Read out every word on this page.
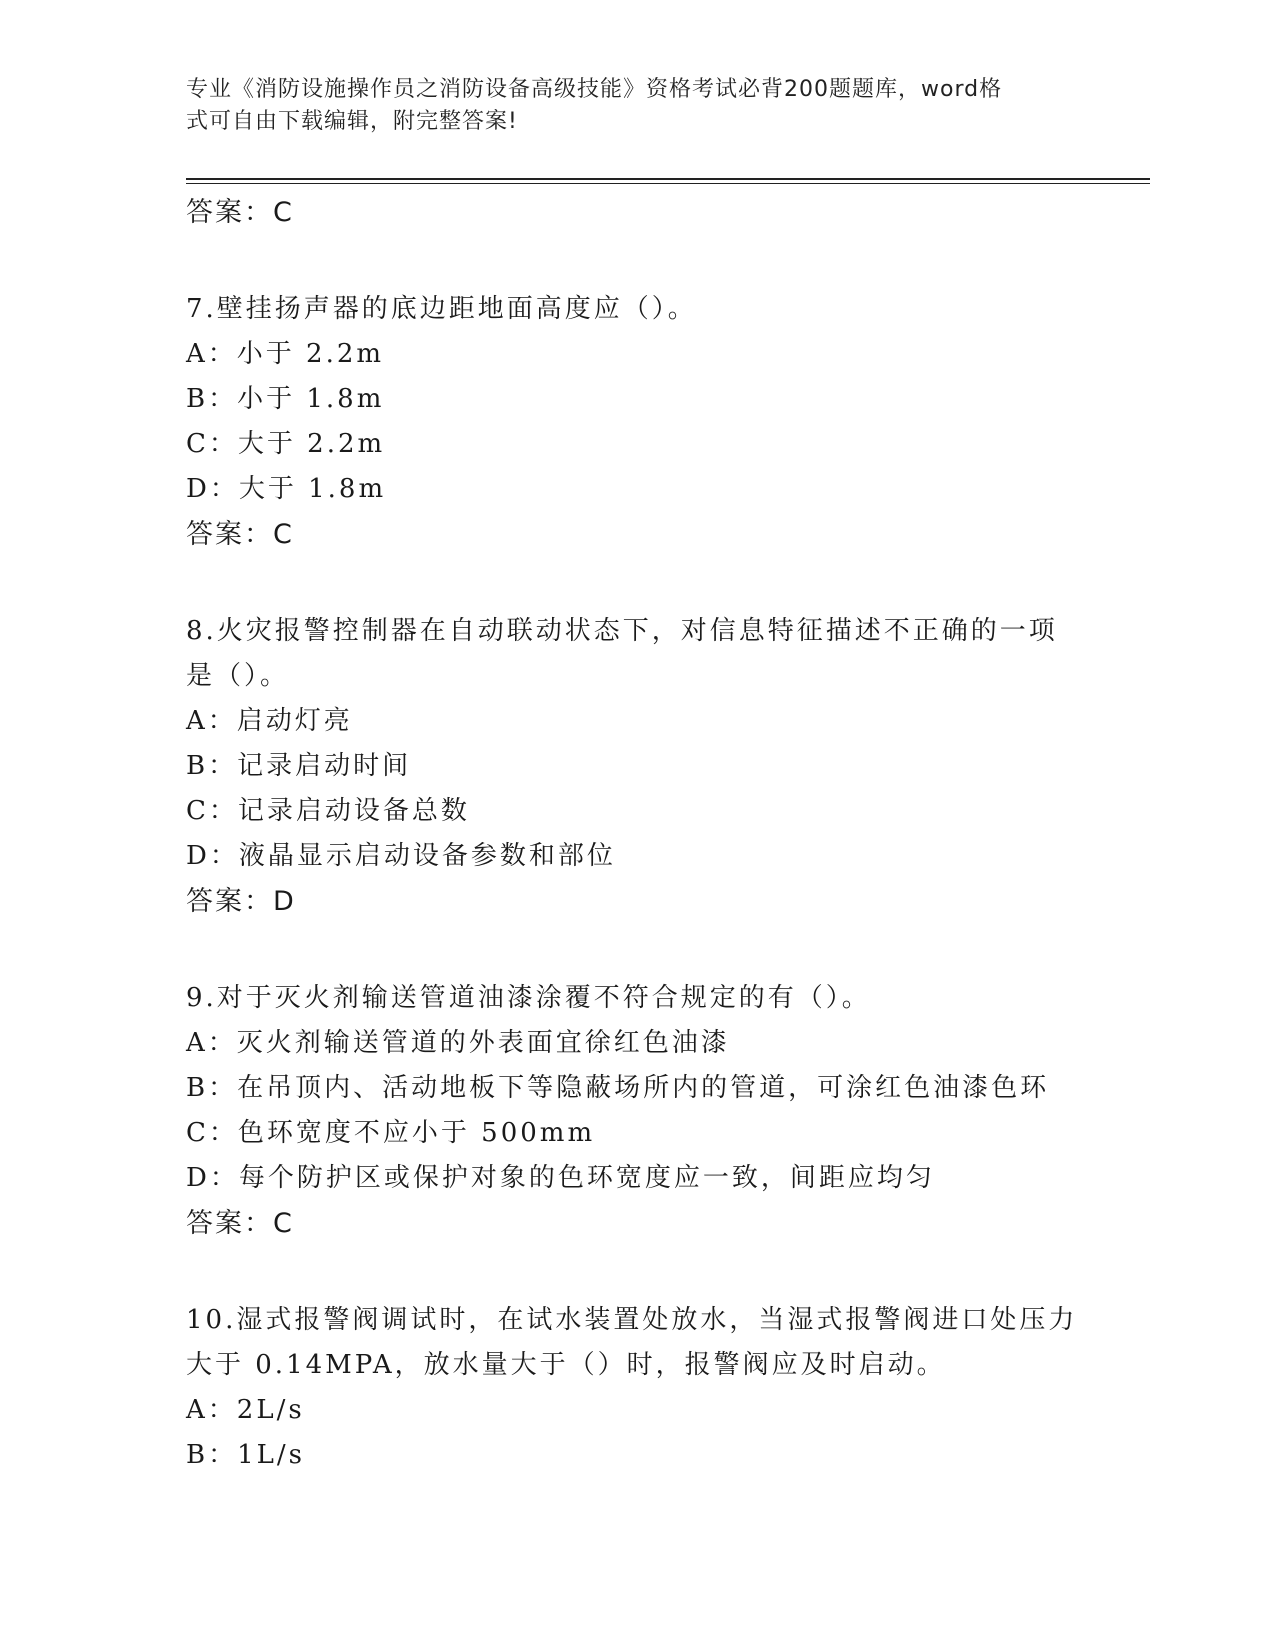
专业《消防设施操作员之消防设备高级技能》资格考试必背200题题库，word格
式可自由下载编辑，附完整答案!
答案：C
7.壁挂扬声器的底边距地面高度应（）。
A：小于 2.2m
B：小于 1.8m
C：大于 2.2m
D：大于 1.8m
答案：C
8.火灾报警控制器在自动联动状态下，对信息特征描述不正确的一项
是（）。
A：启动灯亮
B：记录启动时间
C：记录启动设备总数
D：液晶显示启动设备参数和部位
答案：D
9.对于灭火剂输送管道油漆涂覆不符合规定的有（）。
A：灭火剂输送管道的外表面宜徐红色油漆
B：在吊顶内、活动地板下等隐蔽场所内的管道，可涂红色油漆色环
C：色环宽度不应小于 500mm
D：每个防护区或保护对象的色环宽度应一致，间距应均匀
答案：C
10.湿式报警阀调试时，在试水装置处放水，当湿式报警阀进口处压力
大于 0.14MPA，放水量大于（）时，报警阀应及时启动。
A：2L/s
B：1L/s
